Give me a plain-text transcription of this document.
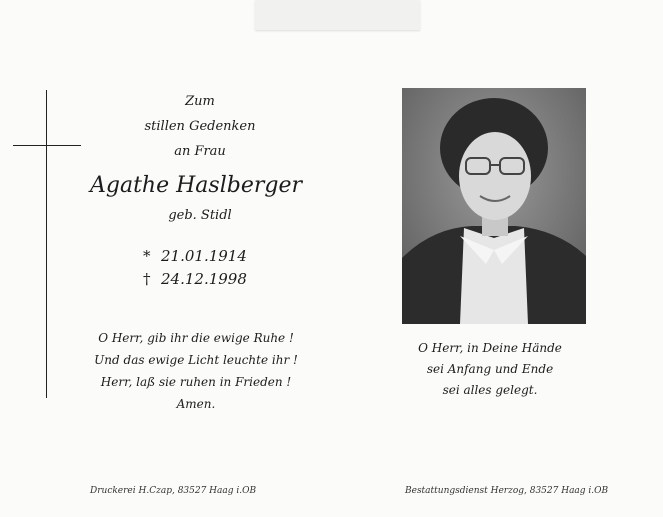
Zum
stillen Gedenken
an Frau
Agathe Haslberger
geb. Stidl
* 21.01.1914
† 24.12.1998
O Herr, gib ihr die ewige Ruhe !
Und das ewige Licht leuchte ihr !
Herr, laß sie ruhen in Frieden !
Amen.
O Herr, in Deine Hände
sei Anfang und Ende
sei alles gelegt.
Druckerei H.Czap, 83527 Haag i.OB	Bestattungsdienst Herzog, 83527 Haag i.OB
